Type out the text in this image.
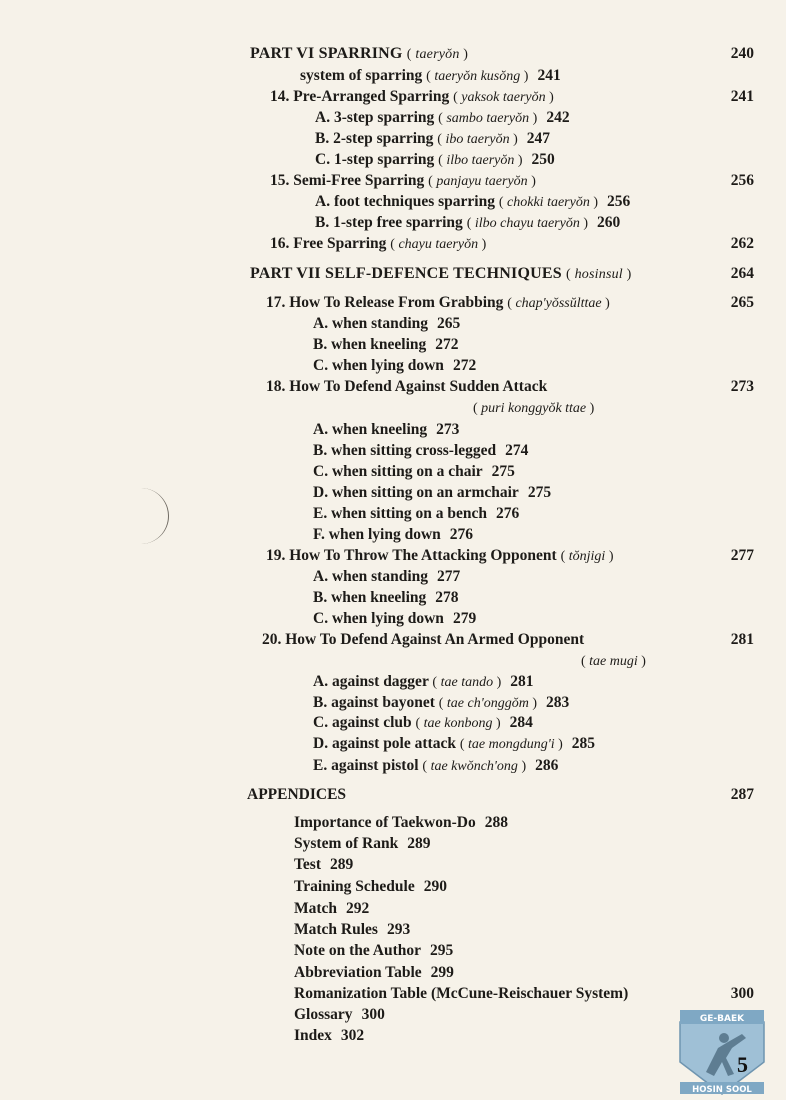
PART VI SPARRING ( taeryŏn )	240
system of sparring ( taeryŏn kusŏng ) 241
14. Pre-Arranged Sparring ( yaksok taeryŏn )	241
A. 3-step sparring ( sambo taeryŏn ) 242
B. 2-step sparring ( ibo taeryŏn ) 247
C. 1-step sparring ( ilbo taeryŏn ) 250
15. Semi-Free Sparring ( panjayu taeryŏn )	256
A. foot techniques sparring ( chokki taeryŏn ) 256
B. 1-step free sparring ( ilbo chayu taeryŏn ) 260
16. Free Sparring ( chayu taeryŏn )	262
PART VII SELF-DEFENCE TECHNIQUES ( hosinsul )	264
17. How To Release From Grabbing ( chap'yŏssŭlttae )	265
A. when standing 265
B. when kneeling 272
C. when lying down 272
18. How To Defend Against Sudden Attack	273
( puri konggyŏk ttae )
A. when kneeling 273
B. when sitting cross-legged 274
C. when sitting on a chair 275
D. when sitting on an armchair 275
E. when sitting on a bench 276
F. when lying down 276
19. How To Throw The Attacking Opponent ( tŏnjigi )	277
A. when standing 277
B. when kneeling 278
C. when lying down 279
20. How To Defend Against An Armed Opponent	281
( tae mugi )
A. against dagger ( tae tando ) 281
B. against bayonet ( tae ch'onggŏm ) 283
C. against club ( tae konbong ) 284
D. against pole attack ( tae mongdung'i ) 285
E. against pistol ( tae kwŏnch'ong ) 286
APPENDICES	287
Importance of Taekwon-Do 288
System of Rank 289
Test 289
Training Schedule 290
Match 292
Match Rules 293
Note on the Author 295
Abbreviation Table 299
Romanization Table (McCune-Reischauer System)	300
Glossary 300
Index 302
GE-BAEK
HOSIN SOOL
5
